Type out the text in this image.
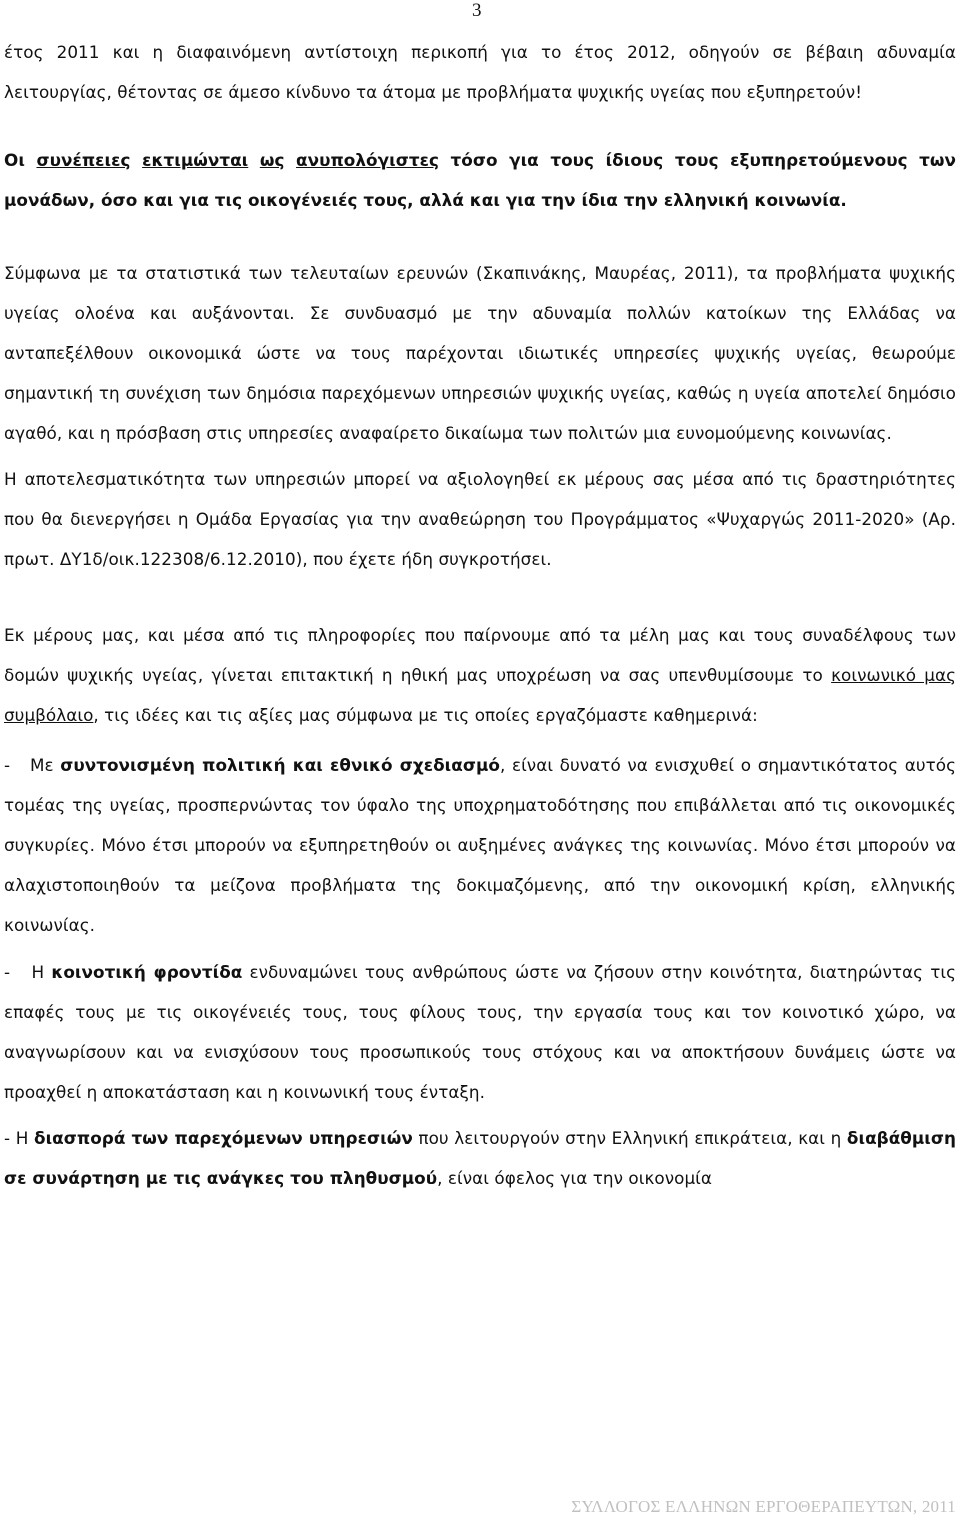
3

έτος 2011 και η διαφαινόμενη αντίστοιχη περικοπή για το έτος 2012, οδηγούν σε βέβαιη αδυναμία λειτουργίας, θέτοντας σε άμεσο κίνδυνο τα άτομα με προβλήματα ψυχικής υγείας που εξυπηρετούν!

Οι συνέπειες εκτιμώνται ως ανυπολόγιστες τόσο για τους ίδιους τους εξυπηρετούμενους των μονάδων, όσο και για τις οικογένειές τους, αλλά και για την ίδια την ελληνική κοινωνία.

Σύμφωνα με τα στατιστικά των τελευταίων ερευνών (Σκαπινάκης, Μαυρέας, 2011), τα προβλήματα ψυχικής υγείας ολοένα και αυξάνονται. Σε συνδυασμό με την αδυναμία πολλών κατοίκων της Ελλάδας να ανταπεξέλθουν οικονομικά ώστε να τους παρέχονται ιδιωτικές υπηρεσίες ψυχικής υγείας, θεωρούμε σημαντική τη συνέχιση των δημόσια παρεχόμενων υπηρεσιών ψυχικής υγείας, καθώς η υγεία αποτελεί δημόσιο αγαθό, και η πρόσβαση στις υπηρεσίες αναφαίρετο δικαίωμα των πολιτών μια ευνομούμενης κοινωνίας.

Η αποτελεσματικότητα των υπηρεσιών μπορεί να αξιολογηθεί εκ μέρους σας μέσα από τις δραστηριότητες που θα διενεργήσει η Ομάδα Εργασίας για την αναθεώρηση του Προγράμματος «Ψυχαργώς 2011-2020» (Αρ. πρωτ. ΔΥ1δ/οικ.122308/6.12.2010), που έχετε ήδη συγκροτήσει.

Εκ μέρους μας, και μέσα από τις πληροφορίες που παίρνουμε από τα μέλη μας και τους συναδέλφους των δομών ψυχικής υγείας, γίνεται επιτακτική η ηθική μας υποχρέωση να σας υπενθυμίσουμε το κοινωνικό μας συμβόλαιο, τις ιδέες και τις αξίες μας σύμφωνα με τις οποίες εργαζόμαστε καθημερινά:

-   Με συντονισμένη πολιτική και εθνικό σχεδιασμό, είναι δυνατό να ενισχυθεί ο σημαντικότατος αυτός τομέας της υγείας, προσπερνώντας τον ύφαλο της υποχρηματοδότησης που επιβάλλεται από τις οικονομικές συγκυρίες. Μόνο έτσι μπορούν να εξυπηρετηθούν οι αυξημένες ανάγκες της κοινωνίας. Μόνο έτσι μπορούν να αλαχιστοποιηθούν τα μείζονα προβλήματα της δοκιμαζόμενης, από την οικονομική κρίση, ελληνικής κοινωνίας.

-   Η κοινοτική φροντίδα ενδυναμώνει τους ανθρώπους ώστε να ζήσουν στην κοινότητα, διατηρώντας τις επαφές τους με τις οικογένειές τους, τους φίλους τους, την εργασία τους και τον κοινοτικό χώρο, να αναγνωρίσουν και να ενισχύσουν τους προσωπικούς τους στόχους και να αποκτήσουν δυνάμεις ώστε να προαχθεί η αποκατάσταση και η κοινωνική τους ένταξη.

- Η διασπορά των παρεχόμενων υπηρεσιών που λειτουργούν στην Ελληνική επικράτεια, και η διαβάθμιση σε συνάρτηση με τις ανάγκες του πληθυσμού, είναι όφελος για την οικονομία

ΣΥΛΛΟΓΟΣ ΕΛΛΗΝΩΝ ΕΡΓΟΘΕΡΑΠΕΥΤΩΝ, 2011
